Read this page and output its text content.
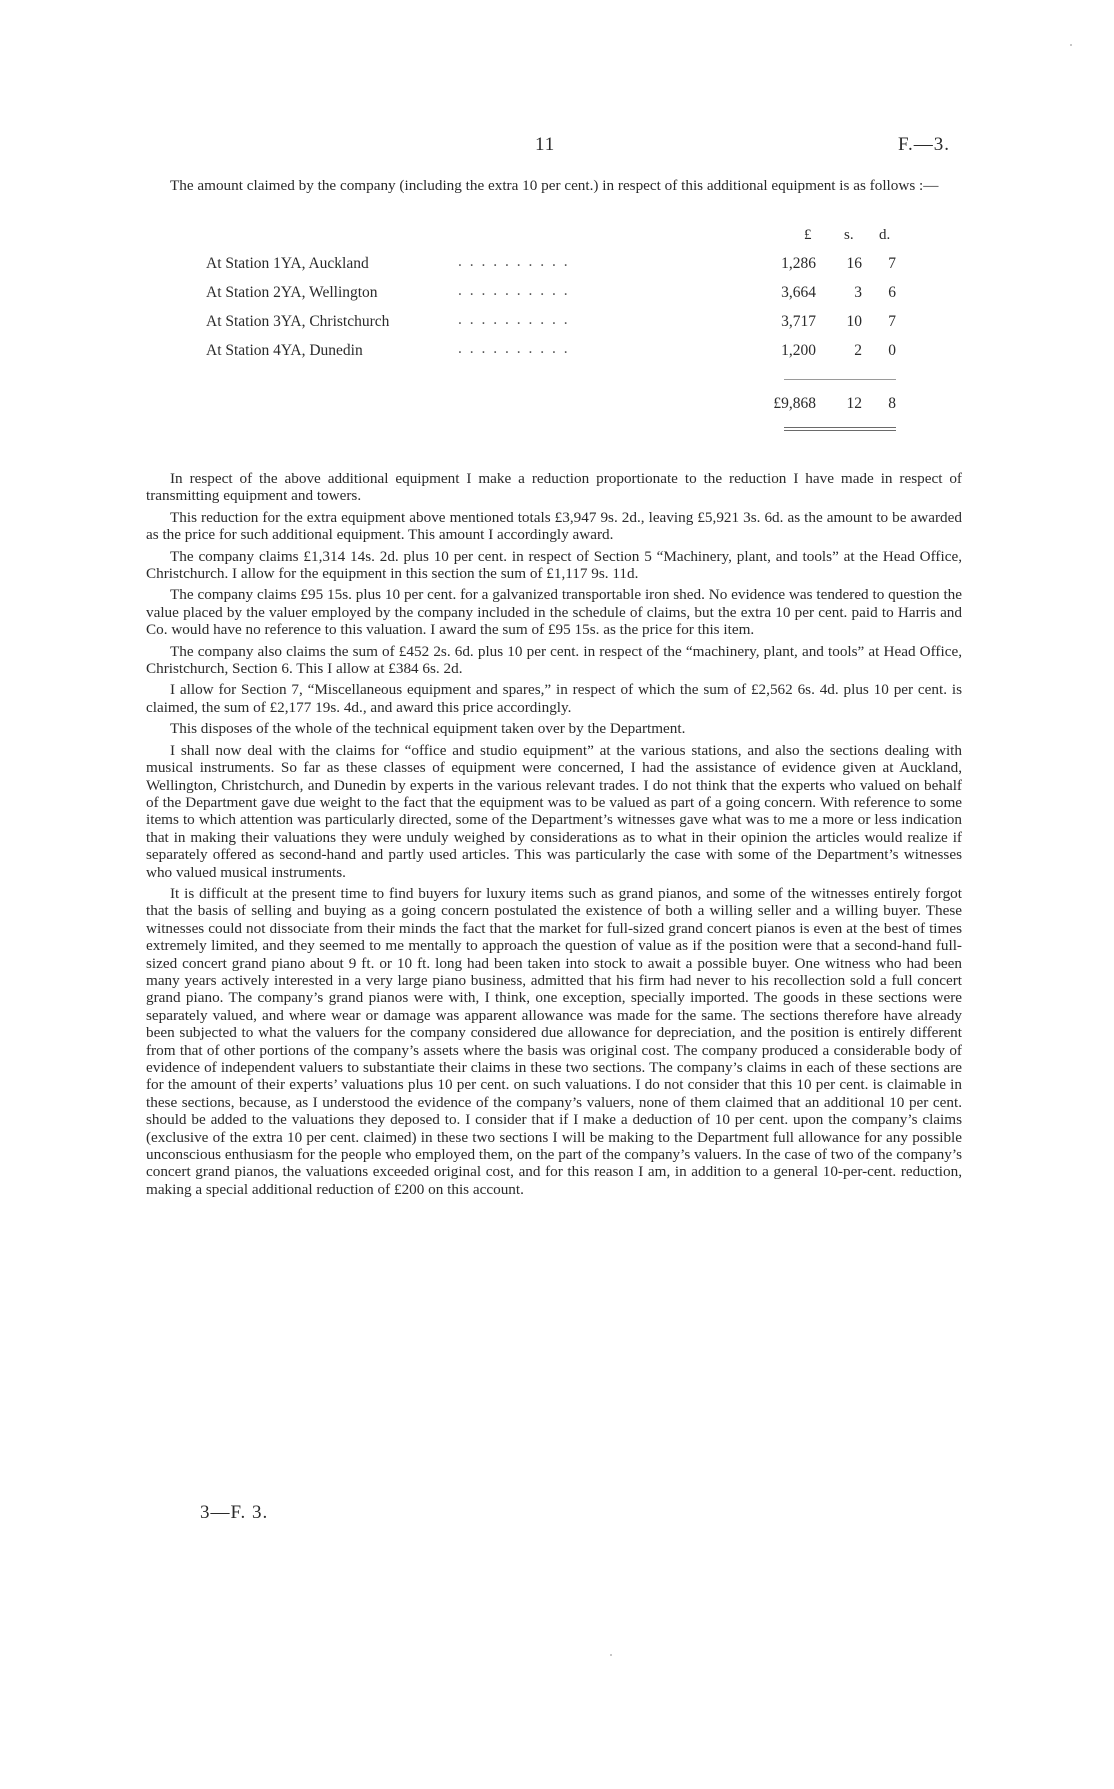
11	F.—3.

The amount claimed by the company (including the extra 10 per cent.) in respect of this additional equipment is as follows :—

£ s. d.
At Station 1YA, Auckland	. . . . . . . . . .	1,286 16 7
At Station 2YA, Wellington	. . . . . . . . . .	3,664 3 6
At Station 3YA, Christchurch	. . . . . . . . . .	3,717 10 7
At Station 4YA, Dunedin	. . . . . . . . . .	1,200 2 0
£9,868 12 8

In respect of the above additional equipment I make a reduction proportionate to the reduction I have made in respect of transmitting equipment and towers.

This reduction for the extra equipment above mentioned totals £3,947 9s. 2d., leaving £5,921 3s. 6d. as the amount to be awarded as the price for such additional equipment. This amount I accordingly award.

The company claims £1,314 14s. 2d. plus 10 per cent. in respect of Section 5 “Machinery, plant, and tools” at the Head Office, Christchurch. I allow for the equipment in this section the sum of £1,117 9s. 11d.

The company claims £95 15s. plus 10 per cent. for a galvanized transportable iron shed. No evidence was tendered to question the value placed by the valuer employed by the company included in the schedule of claims, but the extra 10 per cent. paid to Harris and Co. would have no reference to this valuation. I award the sum of £95 15s. as the price for this item.

The company also claims the sum of £452 2s. 6d. plus 10 per cent. in respect of the “machinery, plant, and tools” at Head Office, Christchurch, Section 6. This I allow at £384 6s. 2d.

I allow for Section 7, “Miscellaneous equipment and spares,” in respect of which the sum of £2,562 6s. 4d. plus 10 per cent. is claimed, the sum of £2,177 19s. 4d., and award this price accordingly.

This disposes of the whole of the technical equipment taken over by the Department.

I shall now deal with the claims for “office and studio equipment” at the various stations, and also the sections dealing with musical instruments. So far as these classes of equipment were concerned, I had the assistance of evidence given at Auckland, Wellington, Christchurch, and Dunedin by experts in the various relevant trades. I do not think that the experts who valued on behalf of the Department gave due weight to the fact that the equipment was to be valued as part of a going concern. With reference to some items to which attention was particularly directed, some of the Department’s witnesses gave what was to me a more or less indication that in making their valuations they were unduly weighed by considerations as to what in their opinion the articles would realize if separately offered as second-hand and partly used articles. This was particularly the case with some of the Department’s witnesses who valued musical instruments.

It is difficult at the present time to find buyers for luxury items such as grand pianos, and some of the witnesses entirely forgot that the basis of selling and buying as a going concern postulated the existence of both a willing seller and a willing buyer. These witnesses could not dissociate from their minds the fact that the market for full-sized grand concert pianos is even at the best of times extremely limited, and they seemed to me mentally to approach the question of value as if the position were that a second-hand full-sized concert grand piano about 9 ft. or 10 ft. long had been taken into stock to await a possible buyer. One witness who had been many years actively interested in a very large piano business, admitted that his firm had never to his recollection sold a full concert grand piano. The company’s grand pianos were with, I think, one exception, specially imported. The goods in these sections were separately valued, and where wear or damage was apparent allowance was made for the same. The sections therefore have already been subjected to what the valuers for the company considered due allowance for depreciation, and the position is entirely different from that of other portions of the company’s assets where the basis was original cost. The company produced a considerable body of evidence of independent valuers to substantiate their claims in these two sections. The company’s claims in each of these sections are for the amount of their experts’ valuations plus 10 per cent. on such valuations. I do not consider that this 10 per cent. is claimable in these sections, because, as I understood the evidence of the company’s valuers, none of them claimed that an additional 10 per cent. should be added to the valuations they deposed to. I consider that if I make a deduction of 10 per cent. upon the company’s claims (exclusive of the extra 10 per cent. claimed) in these two sections I will be making to the Department full allowance for any possible unconscious enthusiasm for the people who employed them, on the part of the company’s valuers. In the case of two of the company’s concert grand pianos, the valuations exceeded original cost, and for this reason I am, in addition to a general 10-per-cent. reduction, making a special additional reduction of £200 on this account.

3—F. 3.
